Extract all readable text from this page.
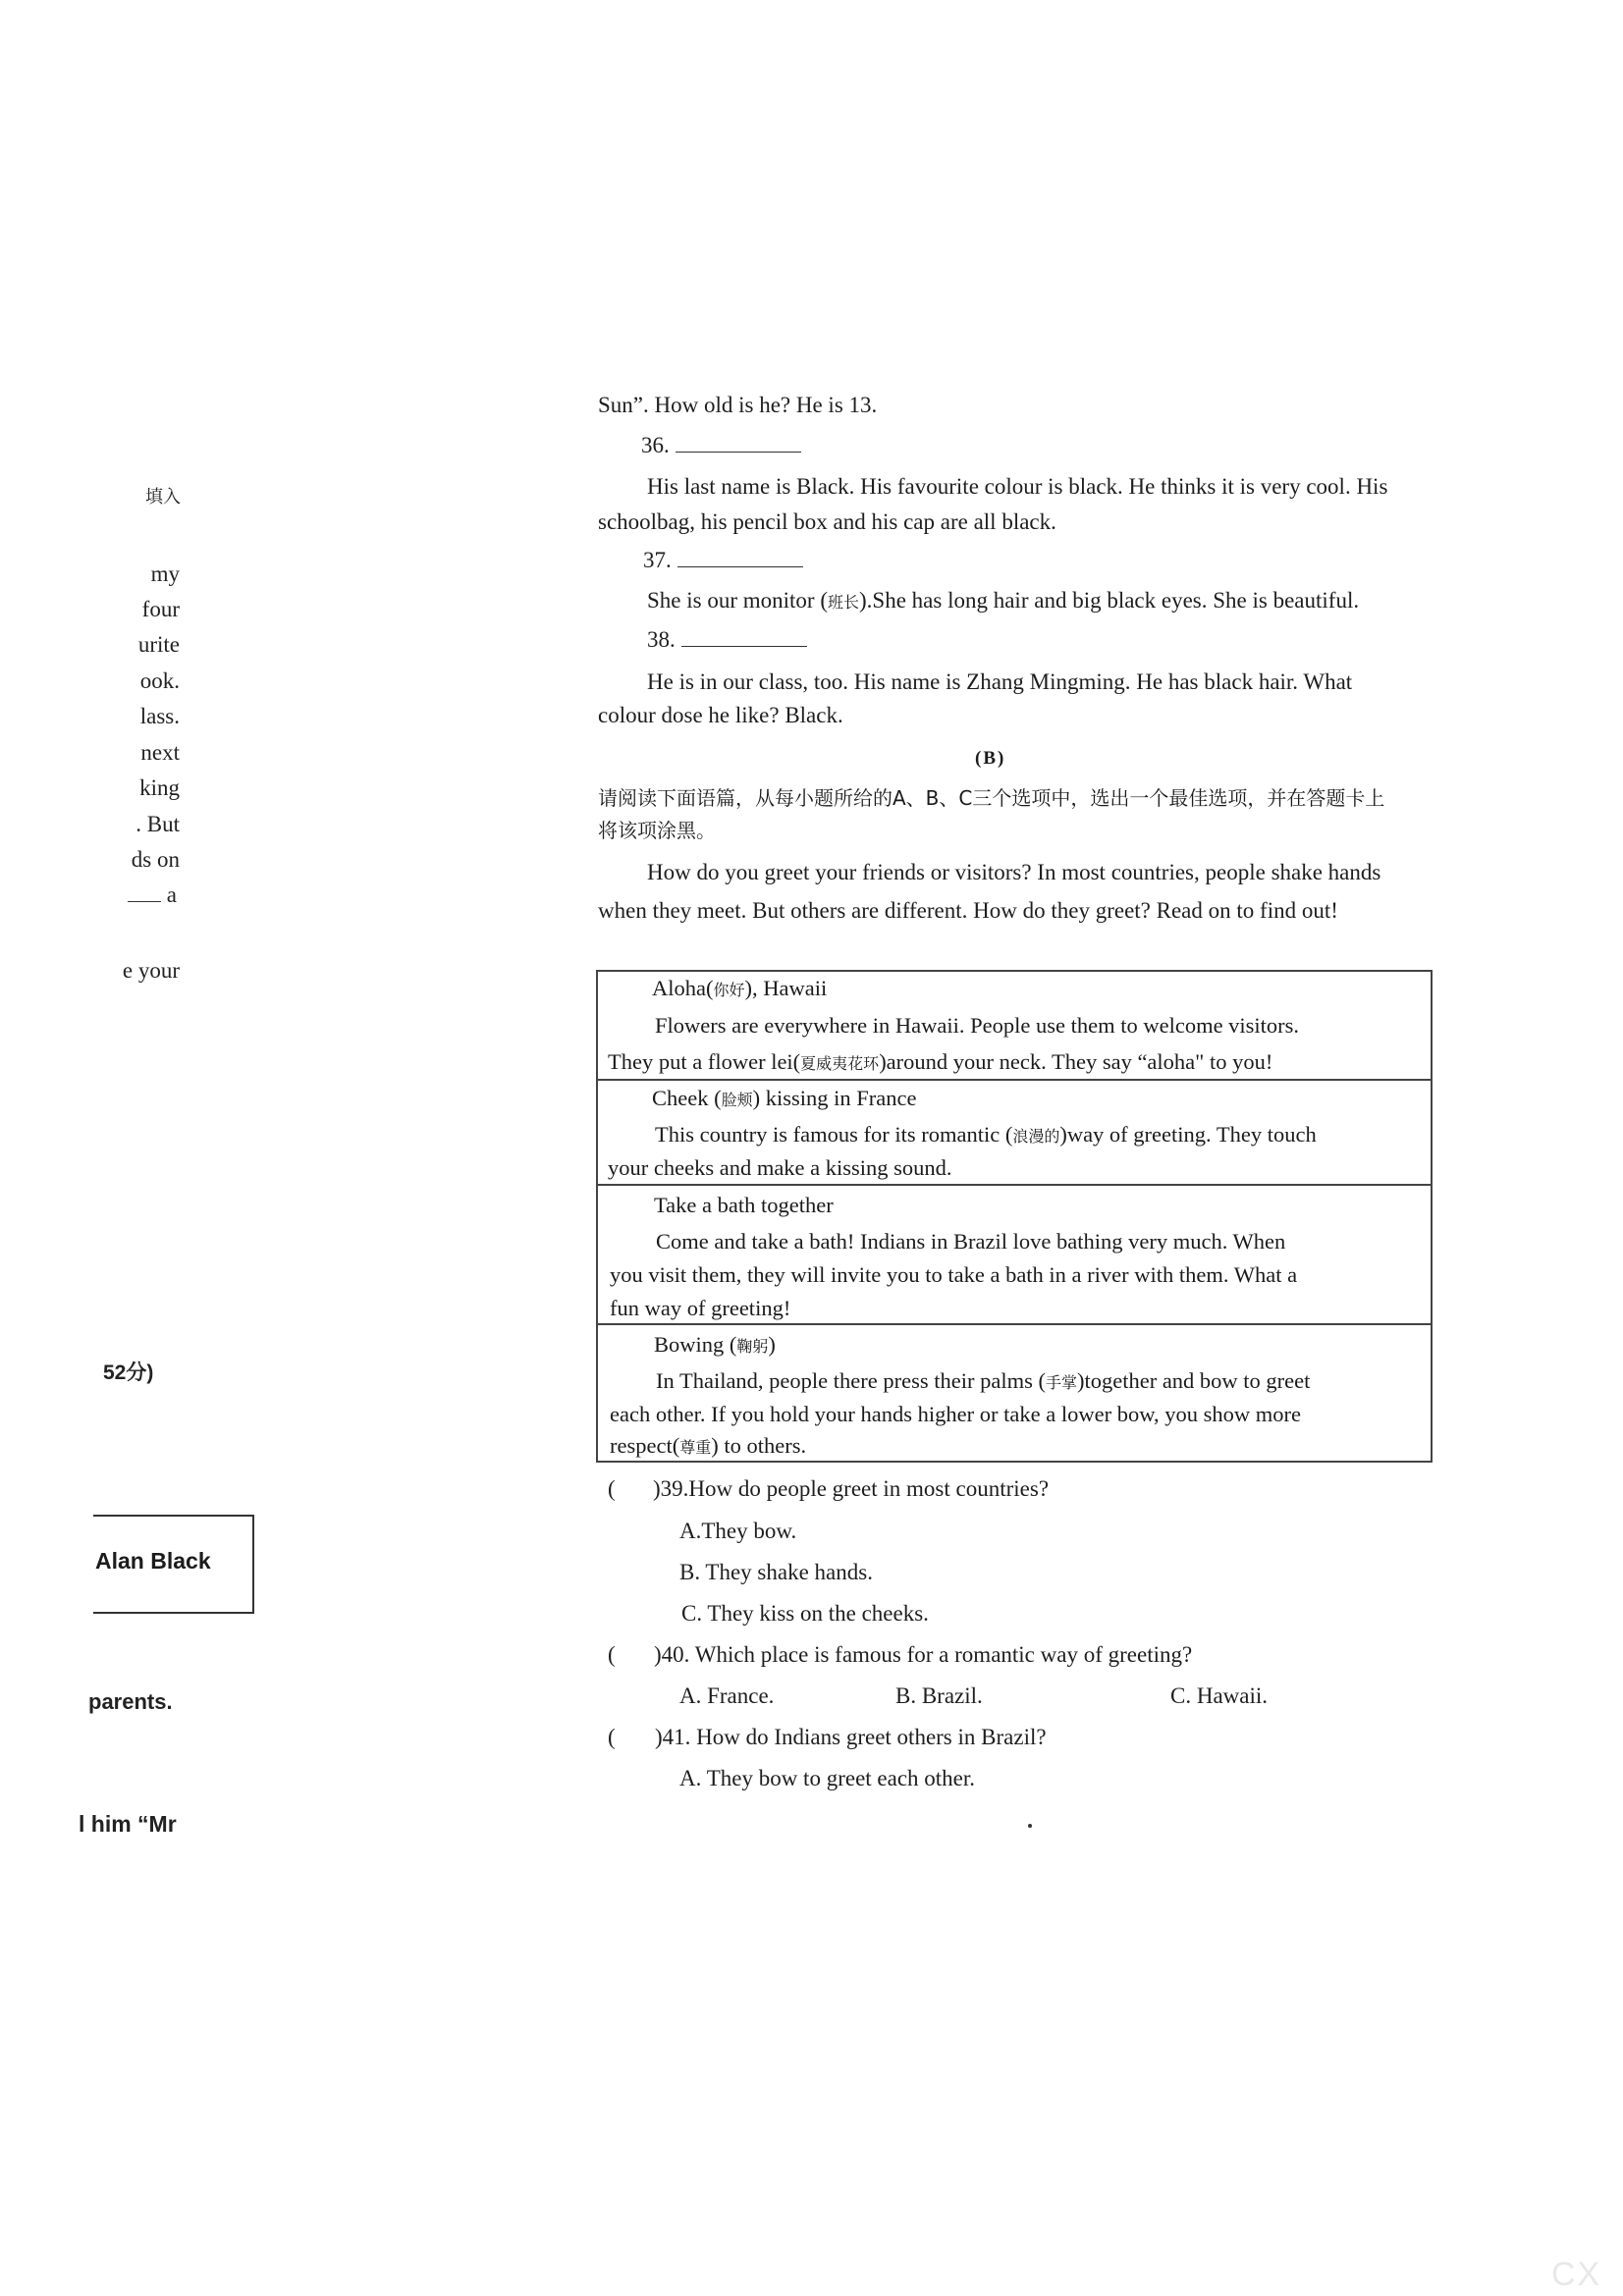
填入
my
four
urite
ook.
lass.
next
king
. But
ds on
a
e your
52分)
Alan Black
parents.
l him “Mr
Sun”. How old is he? He is 13.
36.
His last name is Black. His favourite colour is black. He thinks it is very cool. His
schoolbag, his pencil box and his cap are all black.
37.
She is our monitor (班长).She has long hair and big black eyes. She is beautiful.
38.
He is in our class, too. His name is Zhang Mingming. He has black hair. What
colour dose he like? Black.
(B)
请阅读下面语篇，从每小题所给的A、B、C三个选项中，选出一个最佳选项，并在答题卡上
将该项涂黑。
How do you greet your friends or visitors? In most countries, people shake hands
when they meet. But others are different. How do they greet? Read on to find out!
Aloha(你好), Hawaii
Flowers are everywhere in Hawaii. People use them to welcome visitors.
They put a flower lei(夏威夷花环)around your neck. They say “aloha" to you!
Cheek (脸颊) kissing in France
This country is famous for its romantic (浪漫的)way of greeting. They touch
your cheeks and make a kissing sound.
Take a bath together
Come and take a bath! Indians in Brazil love bathing very much. When
you visit them, they will invite you to take a bath in a river with them. What a
fun way of greeting!
Bowing (鞠躬)
In Thailand, people there press their palms (手掌)together and bow to greet
each other. If you hold your hands higher or take a lower bow, you show more
respect(尊重) to others.
( )39.How do people greet in most countries?
A.They bow.
B. They shake hands.
C. They kiss on the cheeks.
( )40. Which place is famous for a romantic way of greeting?
A. France.	B. Brazil.	C. Hawaii.
( )41. How do Indians greet others in Brazil?
A. They bow to greet each other.
CX
